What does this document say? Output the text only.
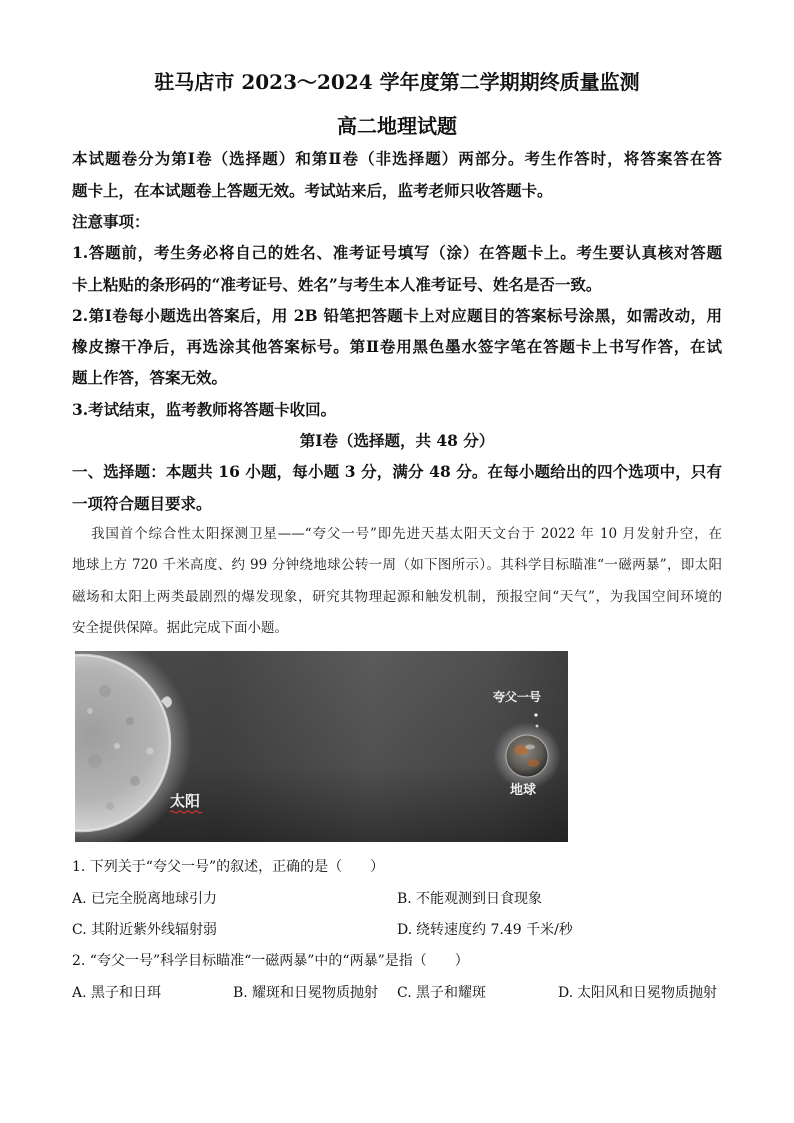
驻马店市 2023～2024 学年度第二学期期终质量监测
高二地理试题
本试题卷分为第Ⅰ卷（选择题）和第Ⅱ卷（非选择题）两部分。考生作答时，将答案答在答
题卡上，在本试题卷上答题无效。考试站来后，监考老师只收答题卡。
注意事项：
1.答题前，考生务必将自己的姓名、准考证号填写（涂）在答题卡上。考生要认真核对答题
卡上粘贴的条形码的“准考证号、姓名”与考生本人准考证号、姓名是否一致。
2.第Ⅰ卷每小题选出答案后，用 2B 铅笔把答题卡上对应题目的答案标号涂黑，如需改动，用
橡皮擦干净后，再选涂其他答案标号。第Ⅱ卷用黑色墨水签字笔在答题卡上书写作答，在试
题上作答，答案无效。
3.考试结束，监考教师将答题卡收回。
第Ⅰ卷（选择题，共 48 分）
一、选择题：本题共 16 小题，每小题 3 分，满分 48 分。在每小题给出的四个选项中，只有
一项符合题目要求。
我国首个综合性太阳探测卫星——“夸父一号”即先进天基太阳天文台于 2022 年 10 月发射升空，在
地球上方 720 千米高度、约 99 分钟绕地球公转一周（如下图所示）。其科学目标瞄准“一磁两暴”，即太阳
磁场和太阳上两类最剧烈的爆发现象，研究其物理起源和触发机制，预报空间“天气”，为我国空间环境的
安全提供保障。据此完成下面小题。
太阳
夸父一号
地球
1. 下列关于“夸父一号”的叙述，正确的是（　　）
A. 已完全脱离地球引力	B. 不能观测到日食现象
C. 其附近紫外线辐射弱	D. 绕转速度约 7.49 千米/秒
2. “夸父一号”科学目标瞄准“一磁两暴”中的“两暴”是指（　　）
A. 黑子和日珥	B. 耀斑和日冕物质抛射 C. 黑子和耀斑	D. 太阳风和日冕物质抛射
